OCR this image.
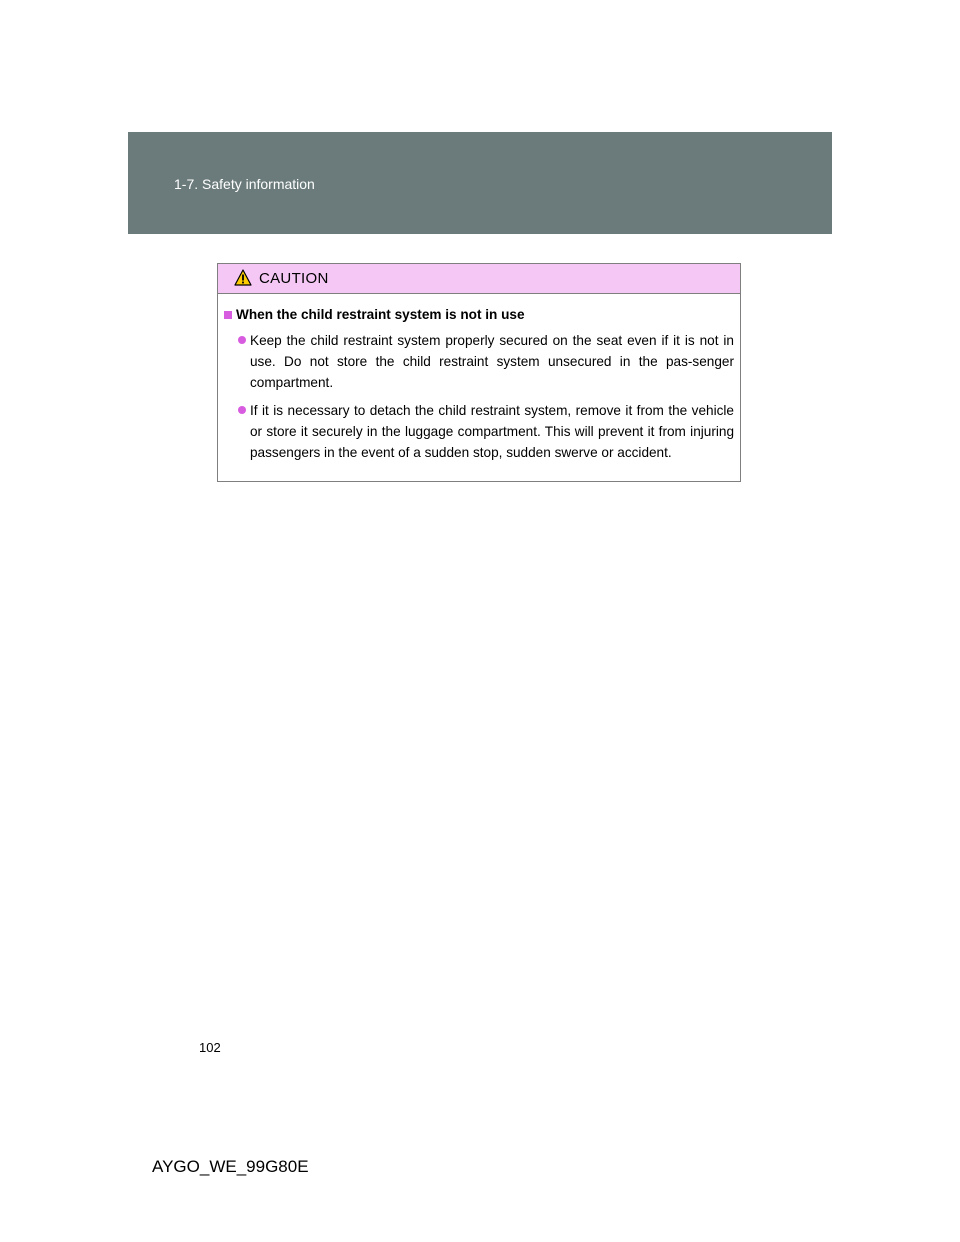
1-7. Safety information
CAUTION
When the child restraint system is not in use
Keep the child restraint system properly secured on the seat even if it is not in use. Do not store the child restraint system unsecured in the pas-senger compartment.
If it is necessary to detach the child restraint system, remove it from the vehicle or store it securely in the luggage compartment. This will prevent it from injuring passengers in the event of a sudden stop, sudden swerve or accident.
102
AYGO_WE_99G80E
